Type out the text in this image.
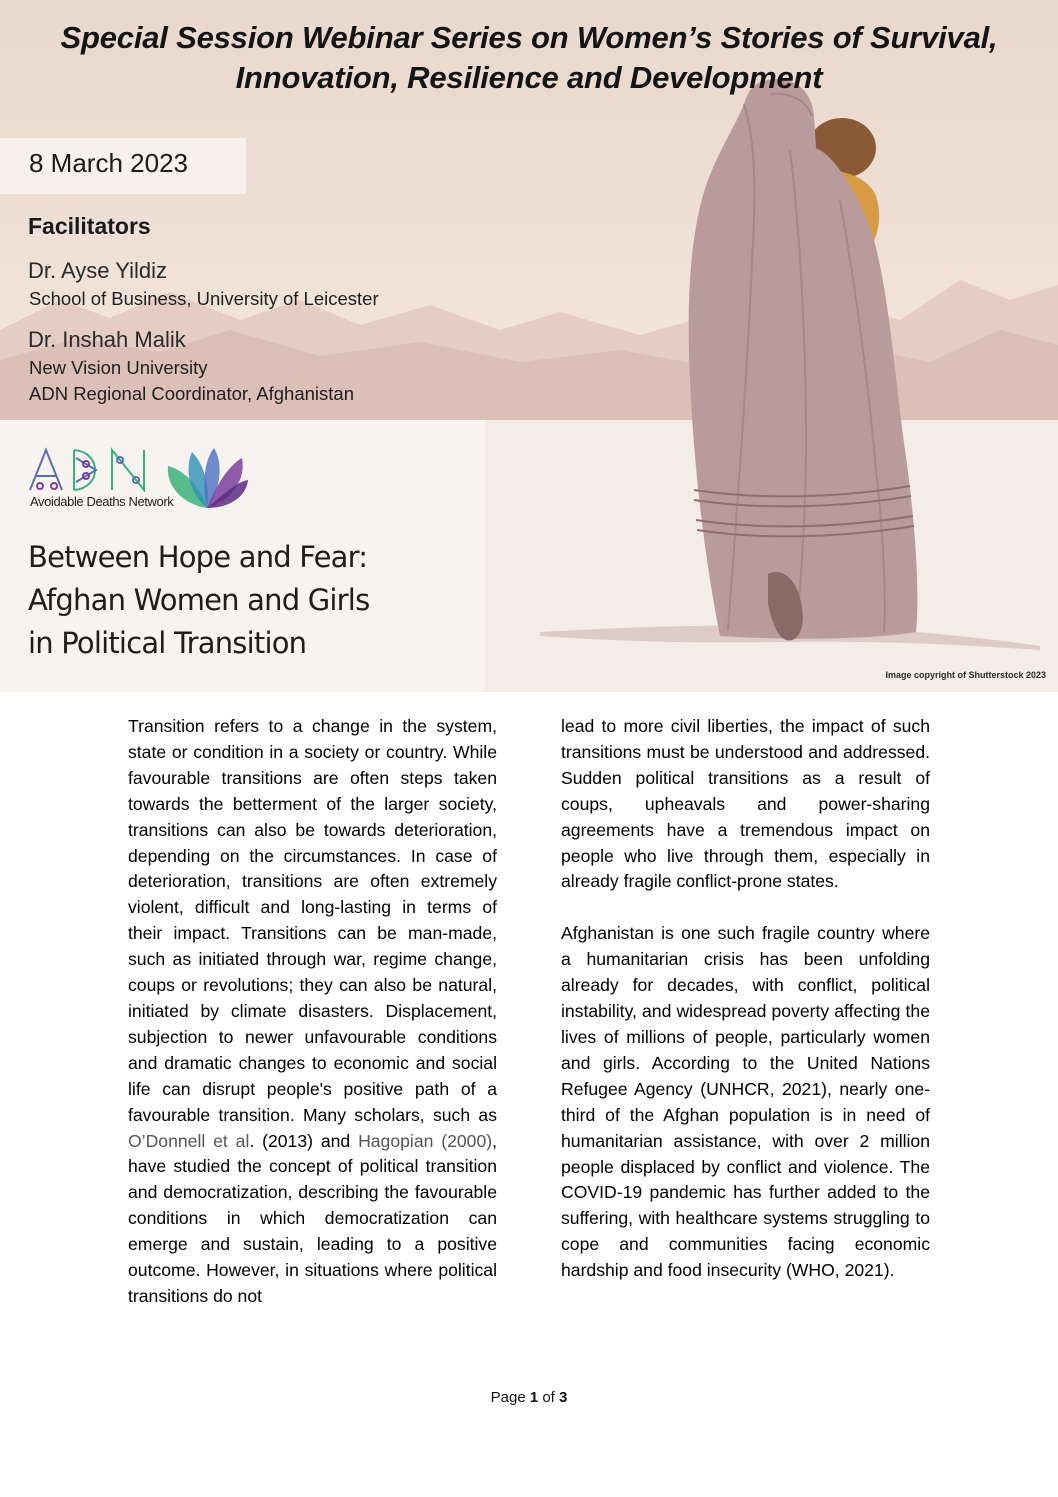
Special Session Webinar Series on Women’s Stories of Survival,
Innovation, Resilience and Development
8 March 2023
Facilitators
Dr. Ayse Yildiz
School of Business, University of Leicester
Dr. Inshah Malik
New Vision University
ADN Regional Coordinator, Afghanistan
Avoidable Deaths Network
Between Hope and Fear:
Afghan Women and Girls
in Political Transition
Image copyright of Shutterstock 2023

Transition refers to a change in the system, state or condition in a society or country. While favourable transitions are often steps taken towards the betterment of the larger society, transitions can also be towards deterioration, depending on the circumstances. In case of deterioration, transitions are often extremely violent, difficult and long-lasting in terms of their impact. Transitions can be man-made, such as initiated through war, regime change, coups or revolutions; they can also be natural, initiated by climate disasters. Displacement, subjection to newer unfavourable conditions and dramatic changes to economic and social life can disrupt people's positive path of a favourable transition. Many scholars, such as O’Donnell et al. (2013) and Hagopian (2000), have studied the concept of political transition and democratization, describing the favourable conditions in which democratization can emerge and sustain, leading to a positive outcome. However, in situations where political transitions do not

lead to more civil liberties, the impact of such transitions must be understood and addressed. Sudden political transitions as a result of coups, upheavals and power-sharing agreements have a tremendous impact on people who live through them, especially in already fragile conflict-prone states.

Afghanistan is one such fragile country where a humanitarian crisis has been unfolding already for decades, with conflict, political instability, and widespread poverty affecting the lives of millions of people, particularly women and girls. According to the United Nations Refugee Agency (UNHCR, 2021), nearly one-third of the Afghan population is in need of humanitarian assistance, with over 2 million people displaced by conflict and violence. The COVID-19 pandemic has further added to the suffering, with healthcare systems struggling to cope and communities facing economic hardship and food insecurity (WHO, 2021).

Page 1 of 3
